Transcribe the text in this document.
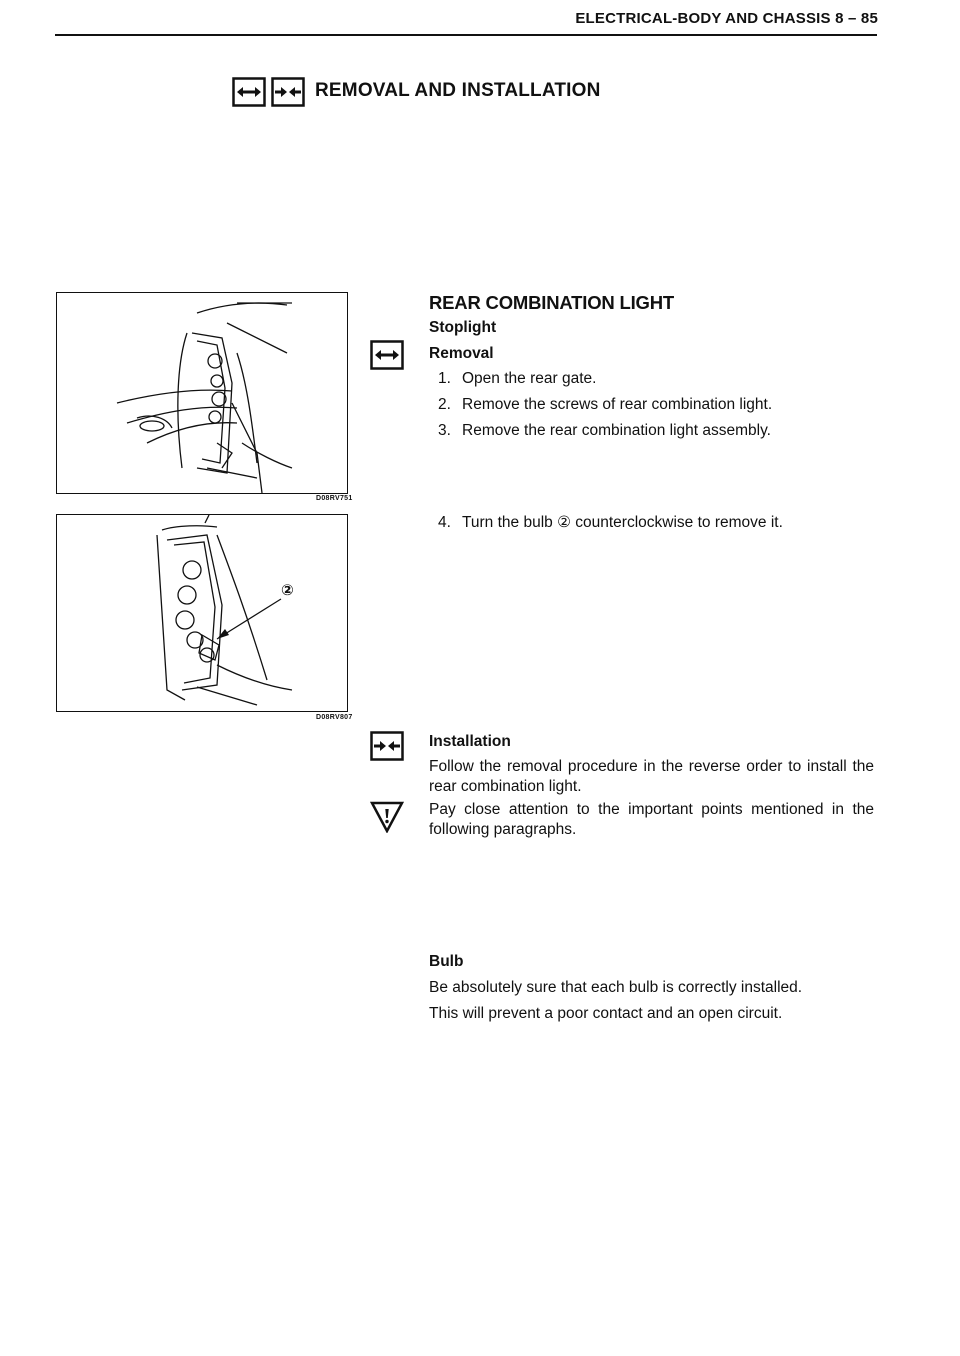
ELECTRICAL-BODY AND CHASSIS 8 – 85
REMOVAL AND INSTALLATION
D08RV751
②
D08RV807
REAR COMBINATION LIGHT
Stoplight
Removal
1. Open the rear gate.
2. Remove the screws of rear combination light.
3. Remove the rear combination light assembly.
4. Turn the bulb ② counterclockwise to remove it.
Installation
Follow the removal procedure in the reverse order to install the rear combination light.
Pay close attention to the important points mentioned in the following paragraphs.
Bulb
Be absolutely sure that each bulb is correctly installed.
This will prevent a poor contact and an open circuit.
